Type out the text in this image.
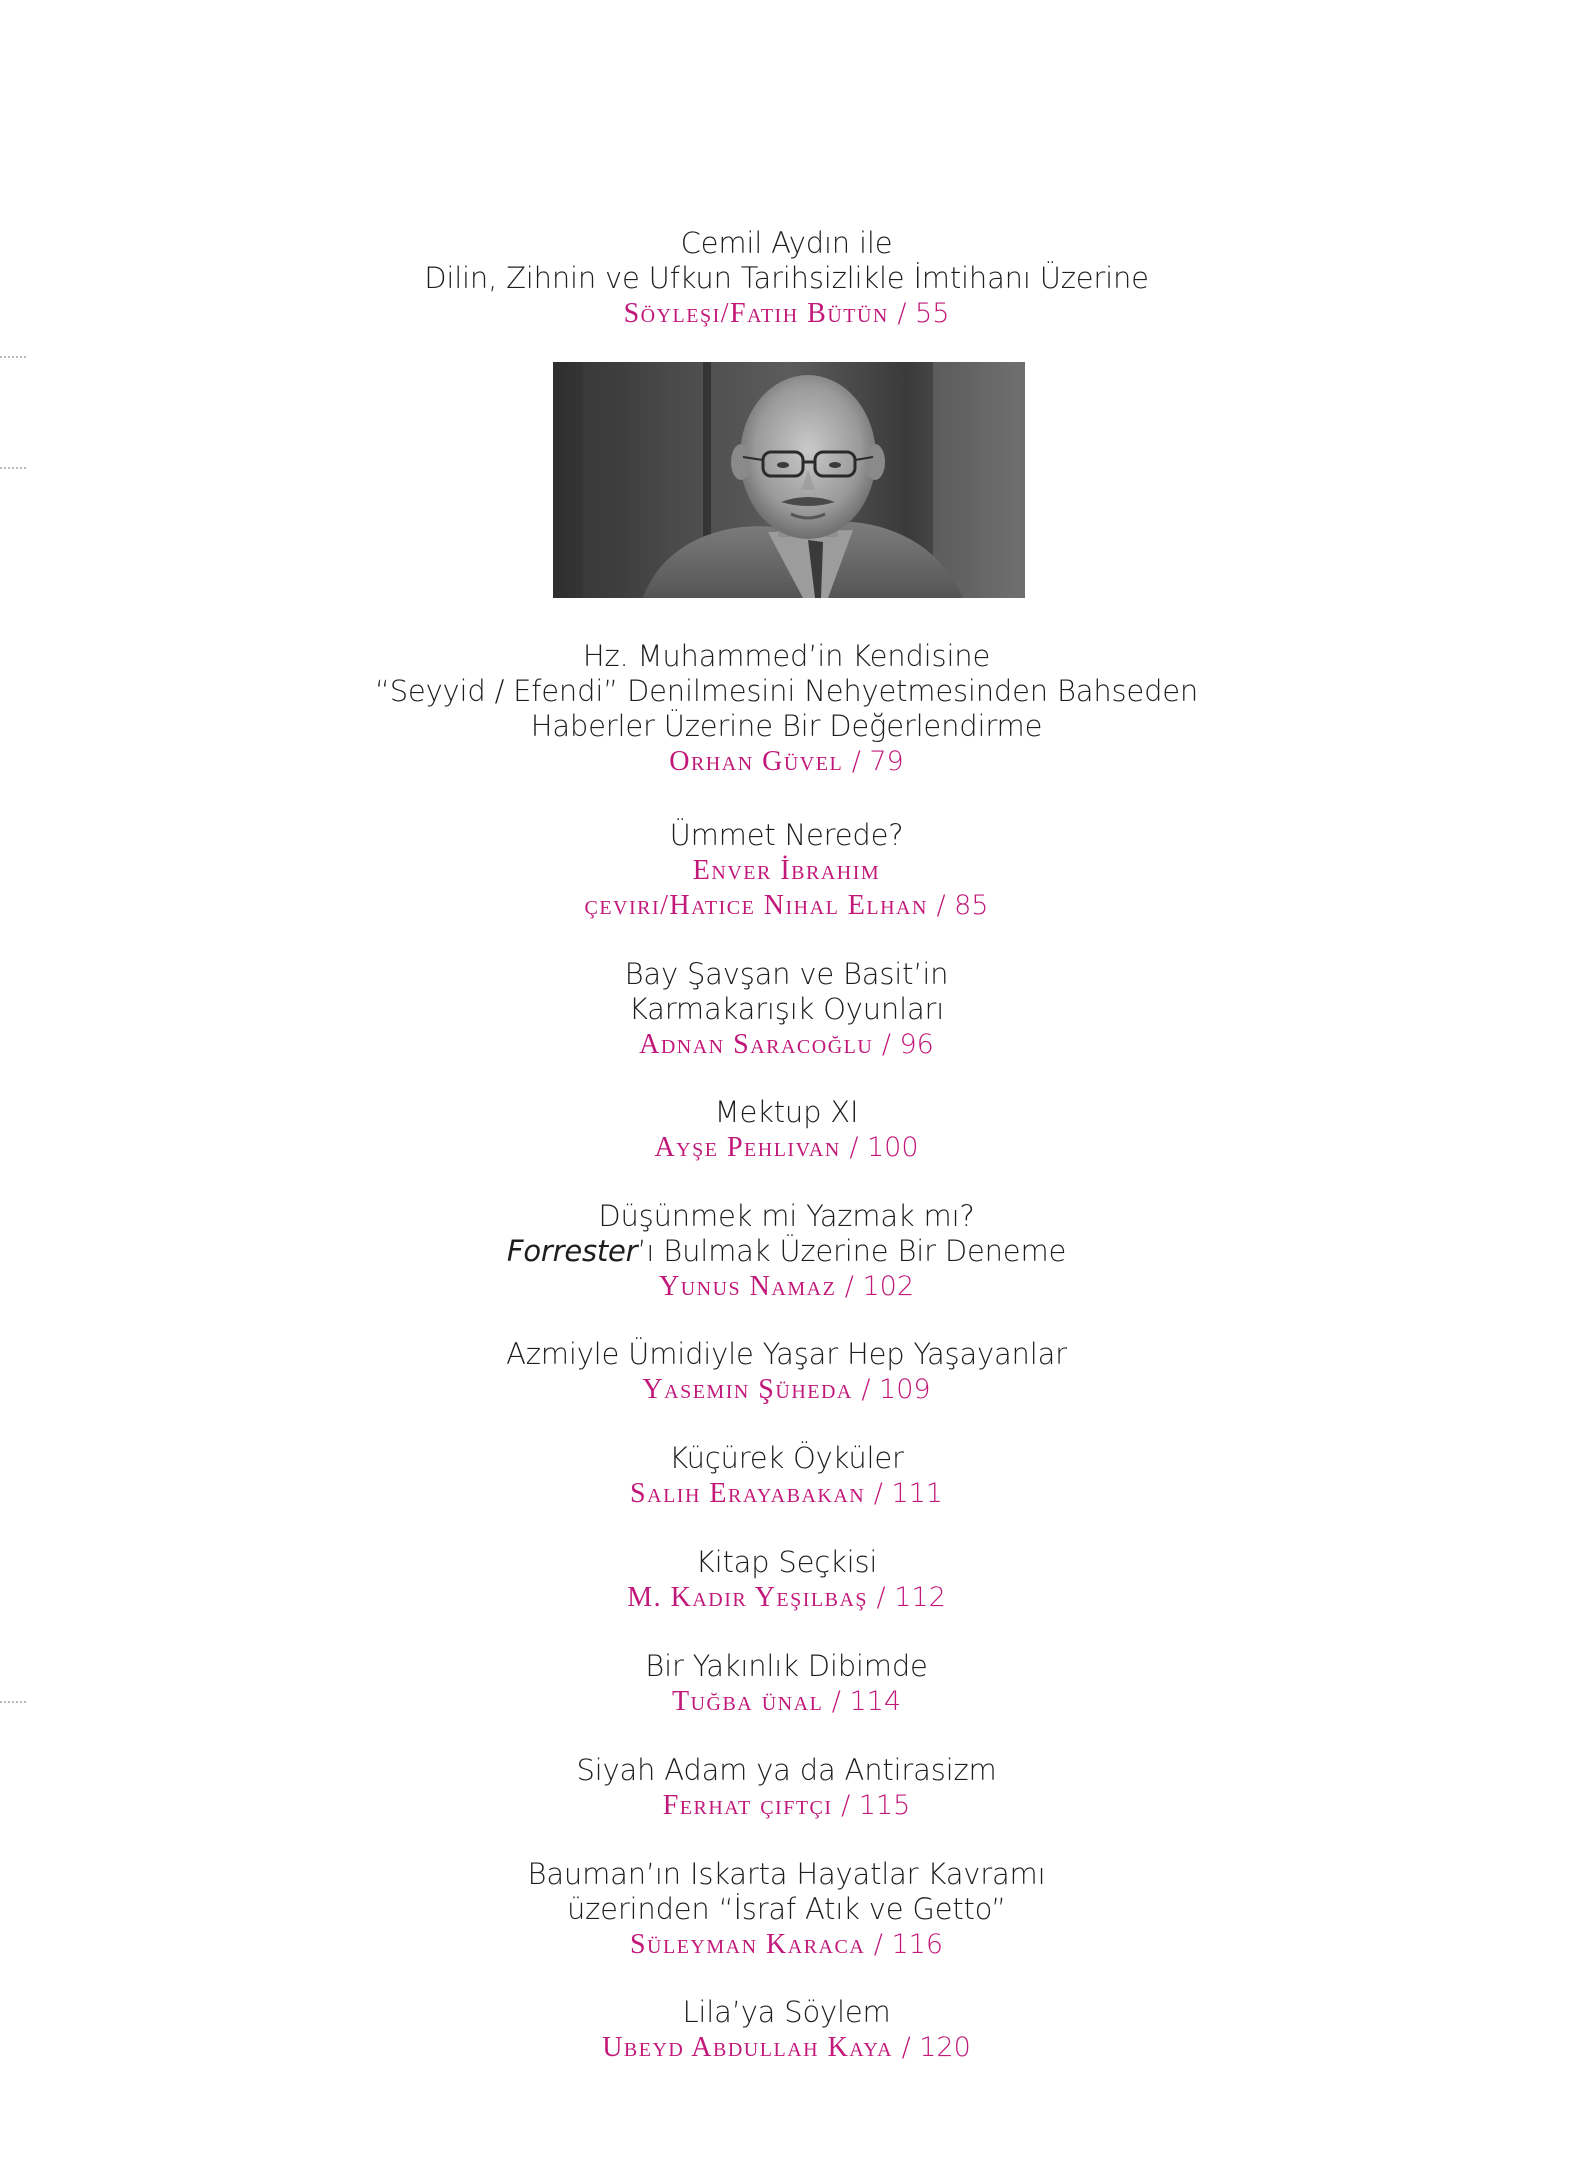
Cemil Aydın ile
Dilin, Zihnin ve Ufkun Tarihsizlikle İmtihanı Üzerine
Söyleşi/Fatih Bütün / 55
Hz. Muhammed’in Kendisine
“Seyyid / Efendi” Denilmesini Nehyetmesinden Bahseden
Haberler Üzerine Bir Değerlendirme
Orhan Güvel / 79
Ümmet Nerede?
Enver İbrahim
çeviri/Hatice Nihal Elhan / 85
Bay Şavşan ve Basit’in
Karmakarışık Oyunları
Adnan Saracoğlu / 96
Mektup XI
Ayşe Pehlivan / 100
Düşünmek mi Yazmak mı?
Forrester’ı Bulmak Üzerine Bir Deneme
Yunus Namaz / 102
Azmiyle Ümidiyle Yaşar Hep Yaşayanlar
Yasemin Şüheda / 109
Küçürek Öyküler
Salih Erayabakan / 111
Kitap Seçkisi
M. Kadir Yeşilbaş / 112
Bir Yakınlık Dibimde
Tuğba ünal / 114
Siyah Adam ya da Antirasizm
Ferhat çiftçi / 115
Bauman’ın Iskarta Hayatlar Kavramı
üzerinden “İsraf Atık ve Getto”
Süleyman Karaca / 116
Lila’ya Söylem
Ubeyd Abdullah Kaya / 120
